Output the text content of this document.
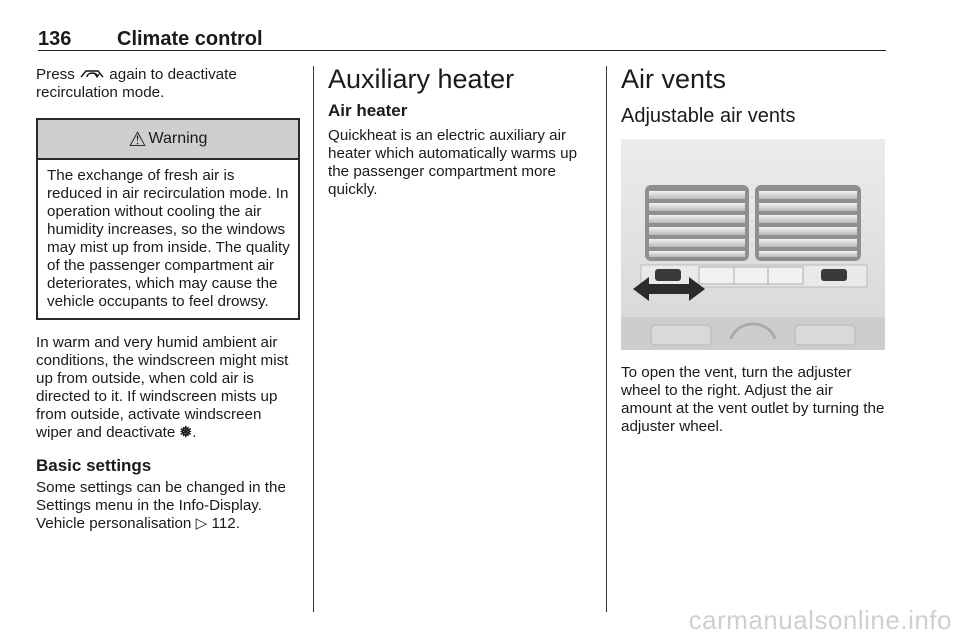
136 Climate control

Press again to deactivate recirculation mode.

⚠ Warning
The exchange of fresh air is reduced in air recirculation mode. In operation without cooling the air humidity increases, so the windows may mist up from inside. The quality of the passenger compartment air deteriorates, which may cause the vehicle occupants to feel drowsy.

In warm and very humid ambient air conditions, the windscreen might mist up from outside, when cold air is directed to it. If windscreen mists up from outside, activate windscreen wiper and deactivate ❅.

Basic settings

Some settings can be changed in the Settings menu in the Info-Display. Vehicle personalisation ▷ 112.

Auxiliary heater
Air heater

Quickheat is an electric auxiliary air heater which automatically warms up the passenger compartment more quickly.

Air vents
Adjustable air vents

To open the vent, turn the adjuster wheel to the right. Adjust the air amount at the vent outlet by turning the adjuster wheel.

carmanualsonline.info
